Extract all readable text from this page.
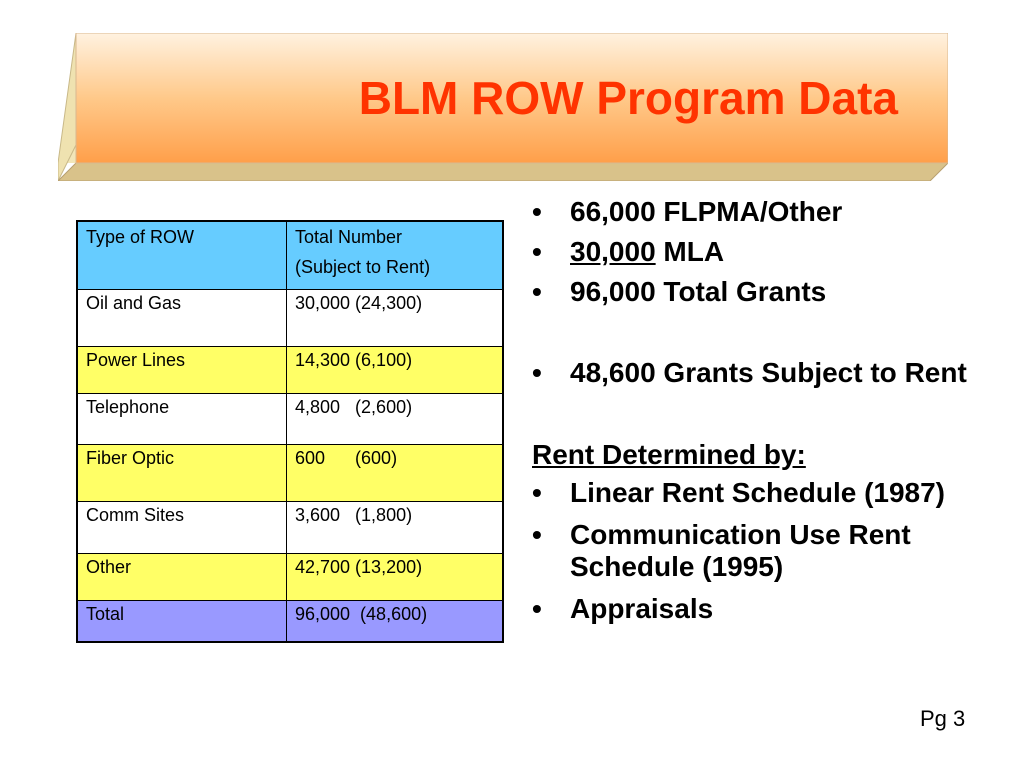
BLM ROW Program Data
Type of ROW	Total Number
(Subject to Rent)

Oil and Gas	30,000 (24,300)
Power Lines	14,300 (6,100)
Telephone	4,800   (2,600)
Fiber Optic	600      (600)
Comm Sites	3,600   (1,800)
Other	42,700 (13,200)
Total	96,000  (48,600)
•	66,000 FLPMA/Other
•	30,000 MLA
•	96,000 Total Grants
•	48,600 Grants Subject to Rent
Rent Determined by:
•	Linear Rent Schedule (1987)
•	Communication Use Rent Schedule (1995)
•	Appraisals
Pg 3
